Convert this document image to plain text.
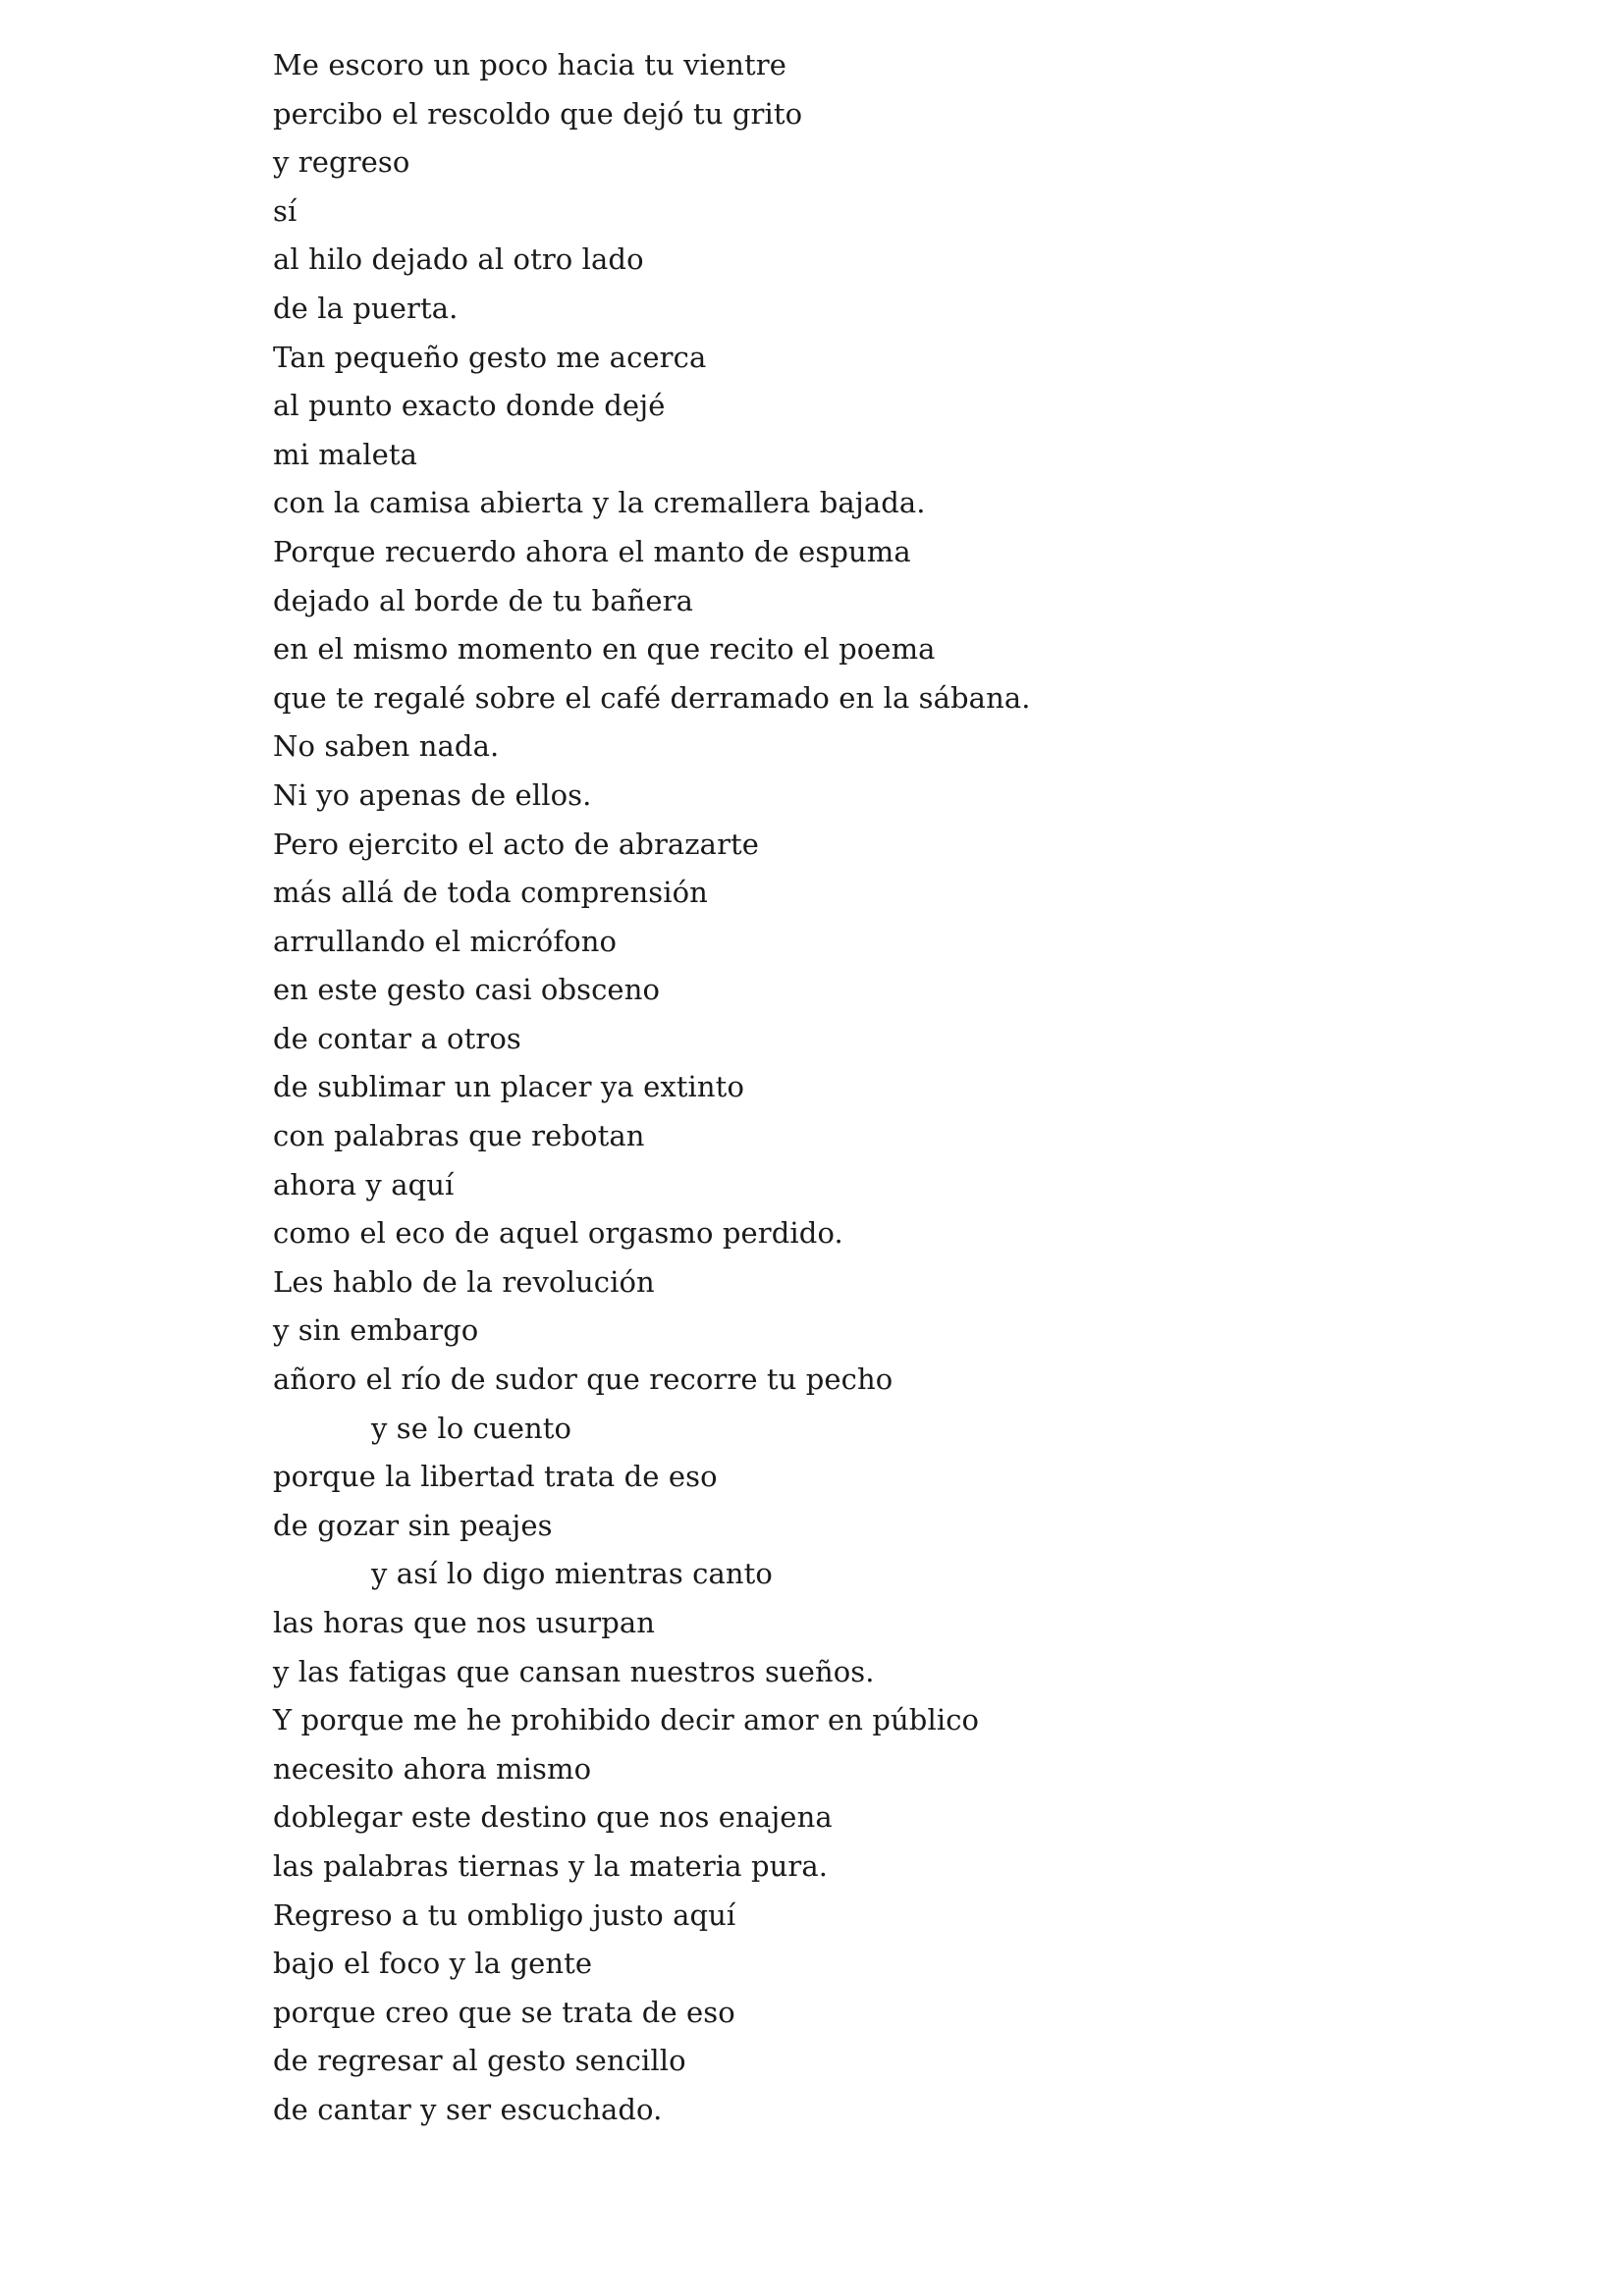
Me escoro un poco hacia tu vientre
percibo el rescoldo que dejó tu grito
y regreso
sí
al hilo dejado al otro lado
de la puerta.
Tan pequeño gesto me acerca
al punto exacto donde dejé
mi maleta
con la camisa abierta y la cremallera bajada.
Porque recuerdo ahora el manto de espuma
dejado al borde de tu bañera
en el mismo momento en que recito el poema
que te regalé sobre el café derramado en la sábana.
No saben nada.
Ni yo apenas de ellos.
Pero ejercito el acto de abrazarte
más allá de toda comprensión
arrullando el micrófono
en este gesto casi obsceno
de contar a otros
de sublimar un placer ya extinto
con palabras que rebotan
ahora y aquí
como el eco de aquel orgasmo perdido.
Les hablo de la revolución
y sin embargo
añoro el río de sudor que recorre tu pecho
y se lo cuento
porque la libertad trata de eso
de gozar sin peajes
y así lo digo mientras canto
las horas que nos usurpan
y las fatigas que cansan nuestros sueños.
Y porque me he prohibido decir amor en público
necesito ahora mismo
doblegar este destino que nos enajena
las palabras tiernas y la materia pura.
Regreso a tu ombligo justo aquí
bajo el foco y la gente
porque creo que se trata de eso
de regresar al gesto sencillo
de cantar y ser escuchado.
